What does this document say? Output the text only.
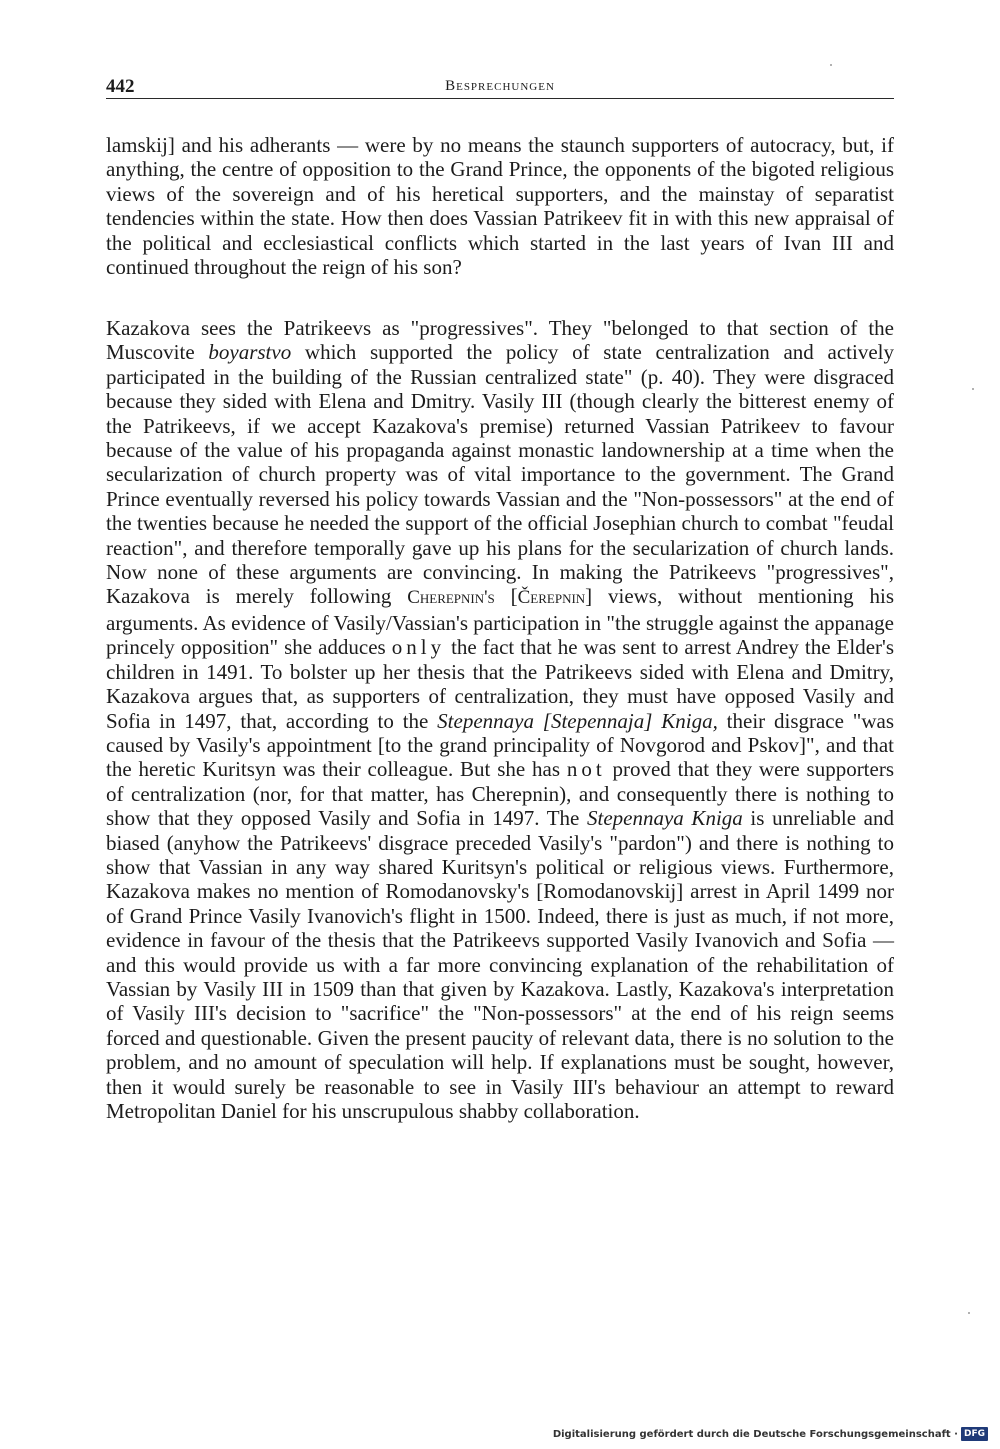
442	Besprechungen

lamskij] and his adherants — were by no means the staunch supporters of autocracy, but, if anything, the centre of opposition to the Grand Prince, the opponents of the bigoted religious views of the sovereign and of his heretical supporters, and the mainstay of separatist tendencies within the state. How then does Vassian Patrikeev fit in with this new appraisal of the political and ecclesiastical conflicts which started in the last years of Ivan III and continued throughout the reign of his son?

Kazakova sees the Patrikeevs as "progressives". They "belonged to that section of the Muscovite boyarstvo which supported the policy of state centralization and actively participated in the building of the Russian centralized state" (p. 40). They were disgraced because they sided with Elena and Dmitry. Vasily III (though clearly the bitterest enemy of the Patrikeevs, if we accept Kazakova's premise) returned Vassian Patrikeev to favour because of the value of his propaganda against monastic landownership at a time when the secularization of church property was of vital importance to the government. The Grand Prince eventually reversed his policy towards Vassian and the "Non-possessors" at the end of the twenties because he needed the support of the official Josephian church to combat "feudal reaction", and therefore temporally gave up his plans for the secularization of church lands. Now none of these arguments are convincing. In making the Patrikeevs "progressives", Kazakova is merely following Cherepnin's [Čerepnin] views, without mentioning his arguments. As evidence of Vasily/Vassian's participation in "the struggle against the appanage princely opposition" she adduces only the fact that he was sent to arrest Andrey the Elder's children in 1491. To bolster up her thesis that the Patrikeevs sided with Elena and Dmitry, Kazakova argues that, as supporters of centralization, they must have opposed Vasily and Sofia in 1497, that, according to the Stepennaya [Stepennaja] Kniga, their disgrace "was caused by Vasily's appointment [to the grand principality of Novgorod and Pskov]", and that the heretic Kuritsyn was their colleague. But she has not proved that they were supporters of centralization (nor, for that matter, has Cherepnin), and consequently there is nothing to show that they opposed Vasily and Sofia in 1497. The Stepennaya Kniga is unreliable and biased (anyhow the Patrikeevs' disgrace preceded Vasily's "pardon") and there is nothing to show that Vassian in any way shared Kuritsyn's political or religious views. Furthermore, Kazakova makes no mention of Romodanovsky's [Romodanovskij] arrest in April 1499 nor of Grand Prince Vasily Ivanovich's flight in 1500. Indeed, there is just as much, if not more, evidence in favour of the thesis that the Patrikeevs supported Vasily Ivanovich and Sofia — and this would provide us with a far more convincing explanation of the rehabilitation of Vassian by Vasily III in 1509 than that given by Kazakova. Lastly, Kazakova's interpretation of Vasily III's decision to "sacrifice" the "Non-possessors" at the end of his reign seems forced and questionable. Given the present paucity of relevant data, there is no solution to the problem, and no amount of speculation will help. If explanations must be sought, however, then it would surely be reasonable to see in Vasily III's behaviour an attempt to reward Metropolitan Daniel for his unscrupulous shabby collaboration.

Digitalisierung gefördert durch die Deutsche Forschungsgemeinschaft · DFG
